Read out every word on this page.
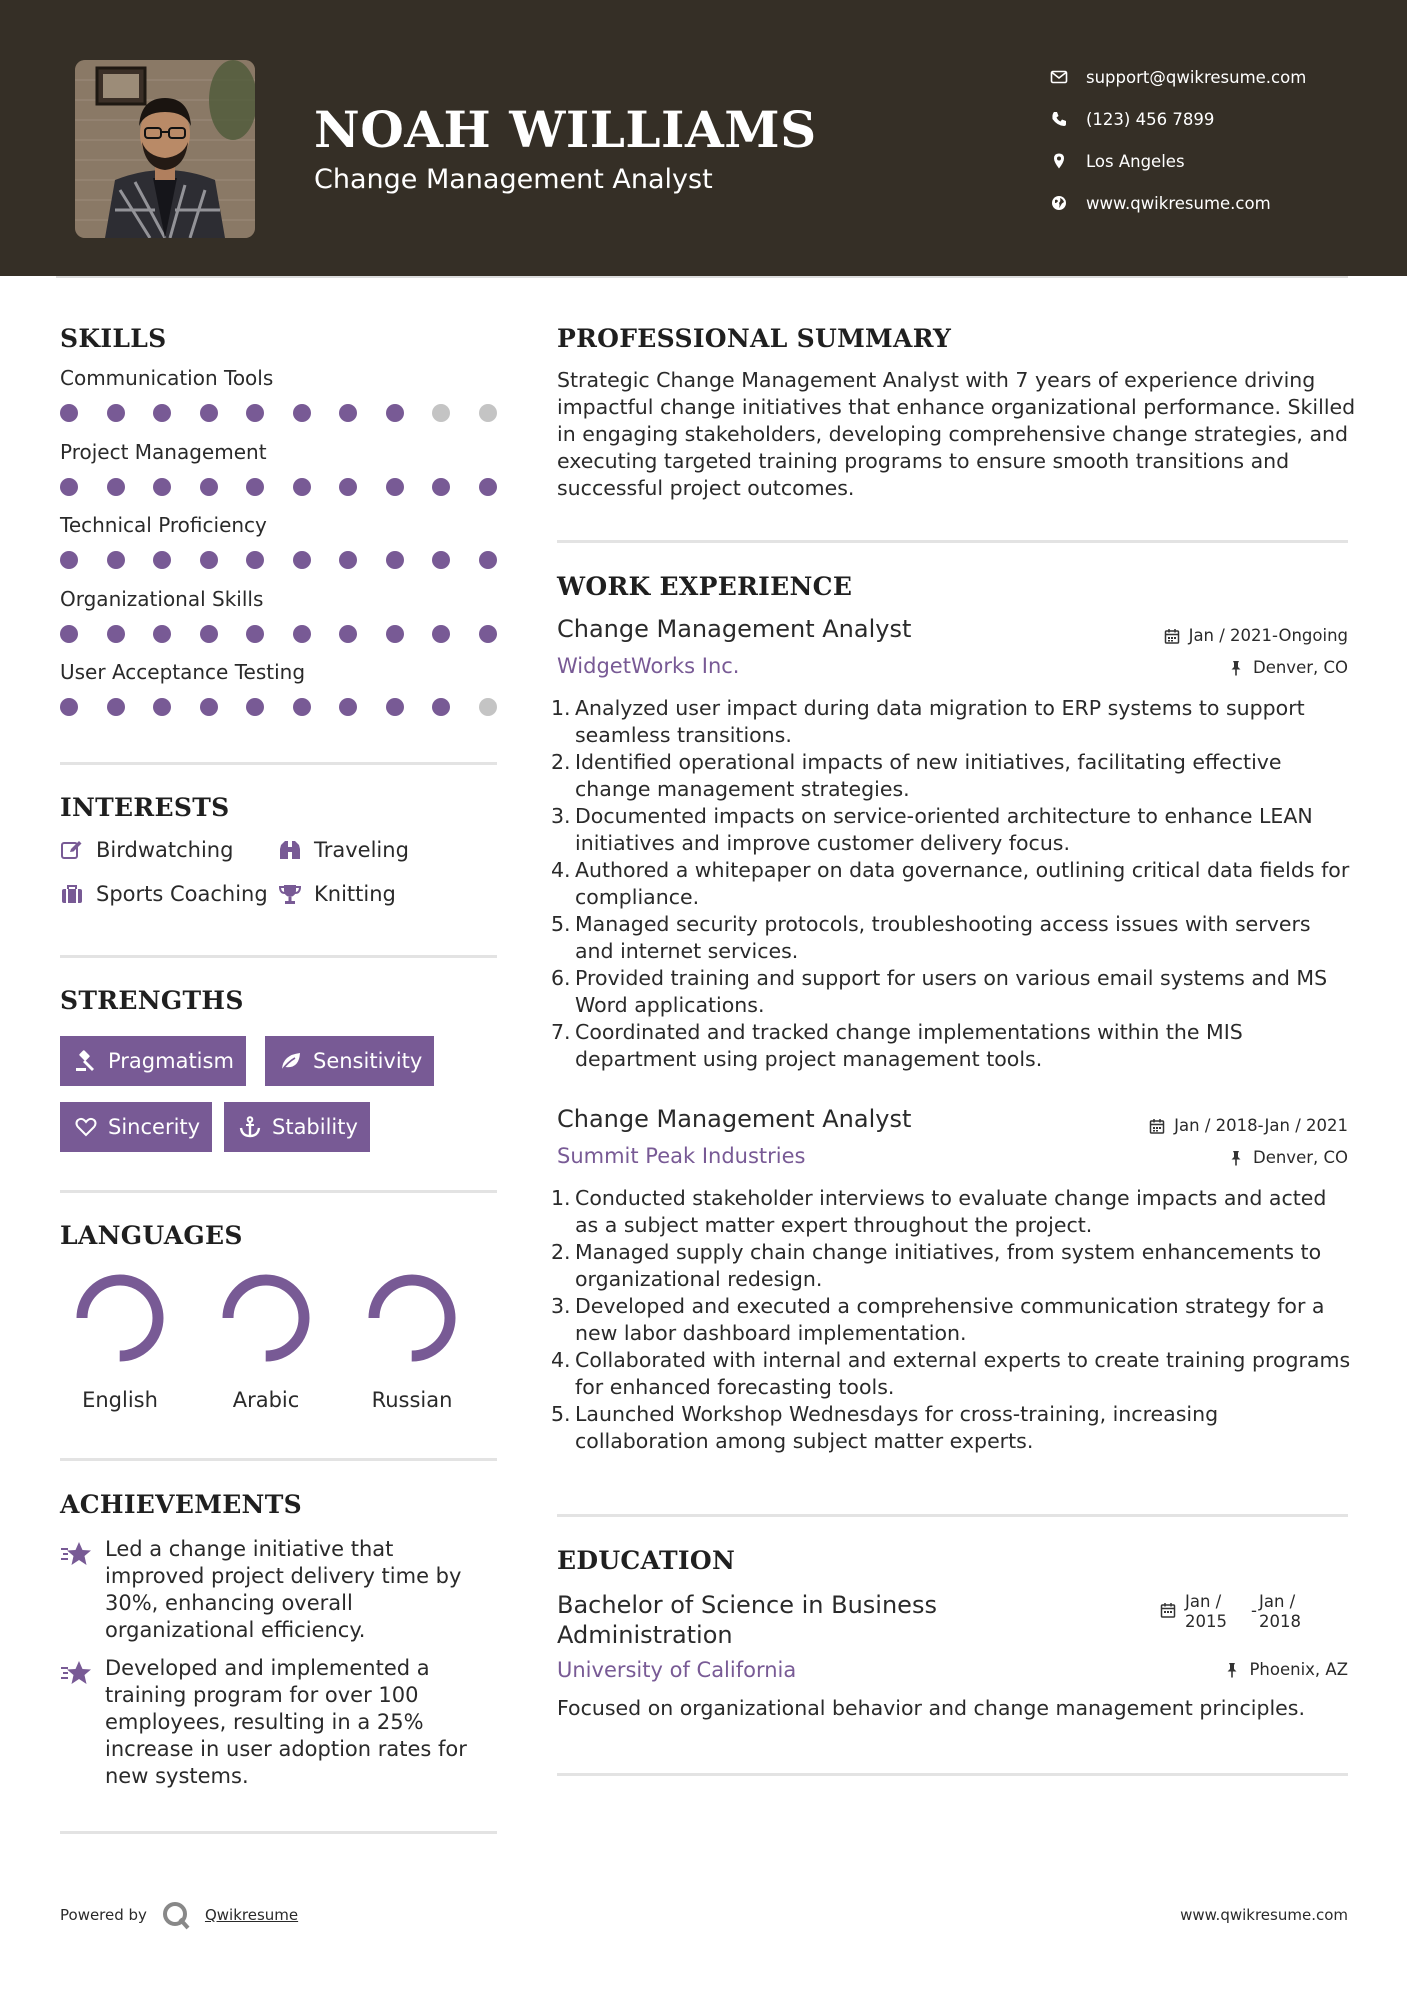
NOAH WILLIAMS
Change Management Analyst
support@qwikresume.com
(123) 456 7899
Los Angeles
www.qwikresume.com
SKILLS
Communication Tools
Project Management
Technical Proficiency
Organizational Skills
User Acceptance Testing
INTERESTS
Birdwatching	Traveling
Sports Coaching Knitting
STRENGTHS
Pragmatism	Sensitivity
Sincerity	Stability
LANGUAGES
English	Arabic	Russian
ACHIEVEMENTS
Led a change initiative that improved project delivery time by 30%, enhancing overall organizational efficiency.
Developed and implemented a training program for over 100 employees, resulting in a 25% increase in user adoption rates for new systems.
PROFESSIONAL SUMMARY
Strategic Change Management Analyst with 7 years of experience driving impactful change initiatives that enhance organizational performance. Skilled in engaging stakeholders, developing comprehensive change strategies, and executing targeted training programs to ensure smooth transitions and successful project outcomes.
WORK EXPERIENCE
Change Management Analyst
WidgetWorks Inc.
Jan / 2021-Ongoing
Denver, CO
1. Analyzed user impact during data migration to ERP systems to support seamless transitions.
2. Identified operational impacts of new initiatives, facilitating effective change management strategies.
3. Documented impacts on service-oriented architecture to enhance LEAN initiatives and improve customer delivery focus.
4. Authored a whitepaper on data governance, outlining critical data fields for compliance.
5. Managed security protocols, troubleshooting access issues with servers and internet services.
6. Provided training and support for users on various email systems and MS Word applications.
7. Coordinated and tracked change implementations within the MIS department using project management tools.
Change Management Analyst
Summit Peak Industries
Jan / 2018-Jan / 2021
Denver, CO
1. Conducted stakeholder interviews to evaluate change impacts and acted as a subject matter expert throughout the project.
2. Managed supply chain change initiatives, from system enhancements to organizational redesign.
3. Developed and executed a comprehensive communication strategy for a new labor dashboard implementation.
4. Collaborated with internal and external experts to create training programs for enhanced forecasting tools.
5. Launched Workshop Wednesdays for cross-training, increasing collaboration among subject matter experts.
EDUCATION
Bachelor of Science in Business Administration
University of California
Jan / 2015
- Jan / 2018
Phoenix, AZ
Focused on organizational behavior and change management principles.
Powered by	Qwikresume	www.qwikresume.com
